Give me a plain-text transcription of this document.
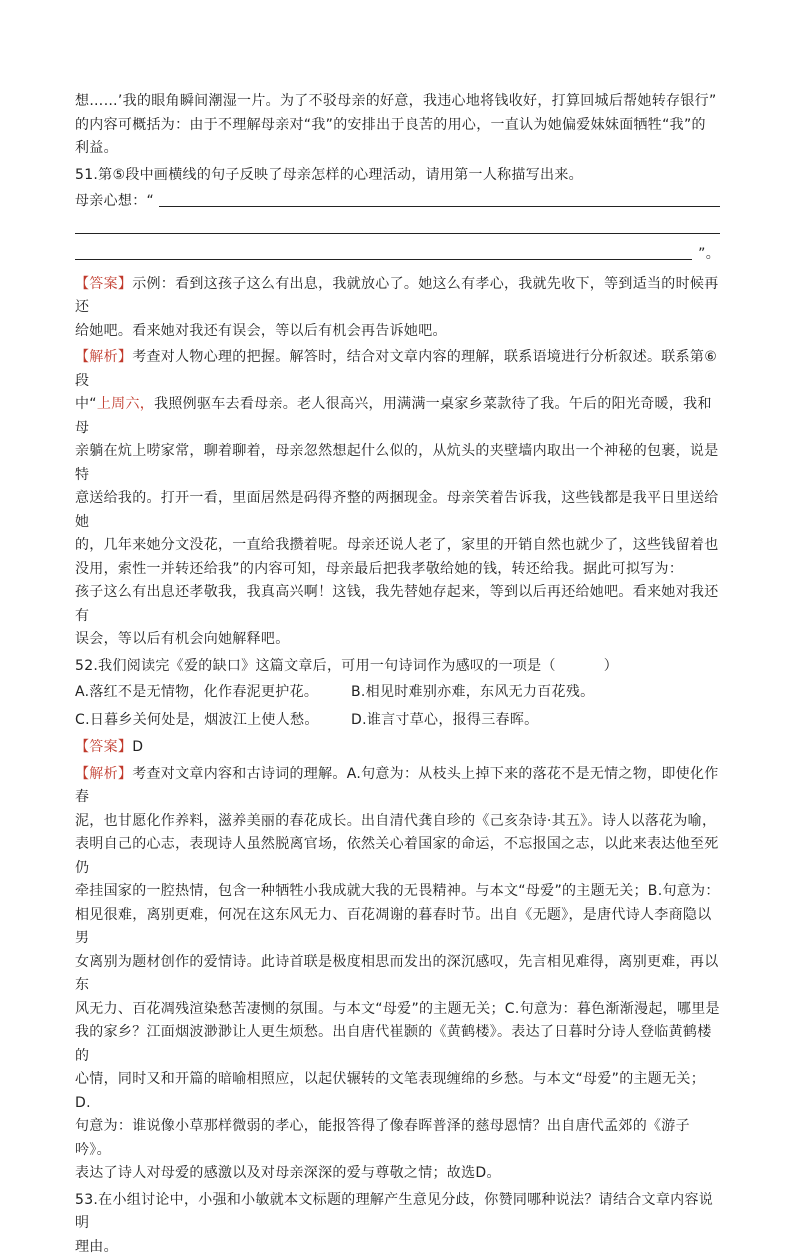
想……’我的眼角瞬间潮湿一片。为了不驳母亲的好意，我违心地将钱收好，打算回城后帮她转存银行”

的内容可概括为：由于不理解母亲对“我”的安排出于良苦的用心，一直认为她偏爱妹妹面牺牲“我”的

利益。

51.第⑤段中画横线的句子反映了母亲怎样的心理活动，请用第一人称描写出来。

母亲心想：“

”。

【答案】示例：看到这孩子这么有出息，我就放心了。她这么有孝心，我就先收下，等到适当的时候再还

给她吧。看来她对我还有误会，等以后有机会再告诉她吧。

【解析】考查对人物心理的把握。解答时，结合对文章内容的理解，联系语境进行分析叙述。联系第⑥段

中“上周六，我照例驱车去看母亲。老人很高兴，用满满一桌家乡菜款待了我。午后的阳光奇暖，我和母

亲躺在炕上唠家常，聊着聊着，母亲忽然想起什么似的，从炕头的夹壁墙内取出一个神秘的包裹，说是特

意送给我的。打开一看，里面居然是码得齐整的两捆现金。母亲笑着告诉我，这些钱都是我平日里送给她

的，几年来她分文没花，一直给我攒着呢。母亲还说人老了，家里的开销自然也就少了，这些钱留着也

没用，索性一并转还给我”的内容可知，母亲最后把我孝敬给她的钱，转还给我。据此可拟写为：

孩子这么有出息还孝敬我，我真高兴啊！这钱，我先替她存起来，等到以后再还给她吧。看来她对我还有

误会，等以后有机会向她解释吧。

52.我们阅读完《爱的缺口》这篇文章后，可用一句诗词作为感叹的一项是（	）

A.落红不是无情物，化作春泥更护花。	B.相见时难别亦难，东风无力百花残。

C.日暮乡关何处是，烟波江上使人愁。	D.谁言寸草心，报得三春晖。

【答案】D

【解析】考查对文章内容和古诗词的理解。A.句意为：从枝头上掉下来的落花不是无情之物，即使化作春

泥，也甘愿化作养料，滋养美丽的春花成长。出自清代龚自珍的《己亥杂诗·其五》。诗人以落花为喻，

表明自己的心志，表现诗人虽然脱离官场，依然关心着国家的命运，不忘报国之志，以此来表达他至死仍

牵挂国家的一腔热情，包含一种牺牲小我成就大我的无畏精神。与本文“母爱”的主题无关；B.句意为：

相见很难，离别更难，何况在这东风无力、百花凋谢的暮春时节。出自《无题》，是唐代诗人李商隐以男

女离别为题材创作的爱情诗。此诗首联是极度相思而发出的深沉感叹，先言相见难得，离别更难，再以东

风无力、百花凋残渲染愁苦凄恻的氛围。与本文“母爱”的主题无关；C.句意为：暮色渐渐漫起，哪里是

我的家乡？江面烟波渺渺让人更生烦愁。出自唐代崔颢的《黄鹤楼》。表达了日暮时分诗人登临黄鹤楼的

心情，同时又和开篇的暗喻相照应，以起伏辗转的文笔表现缠绵的乡愁。与本文“母爱”的主题无关；D.

句意为：谁说像小草那样微弱的孝心，能报答得了像春晖普泽的慈母恩情？出自唐代孟郊的《游子吟》。

表达了诗人对母爱的感激以及对母亲深深的爱与尊敬之情；故选D。

53.在小组讨论中，小强和小敏就本文标题的理解产生意见分歧，你赞同哪种说法？请结合文章内容说明

理由。
